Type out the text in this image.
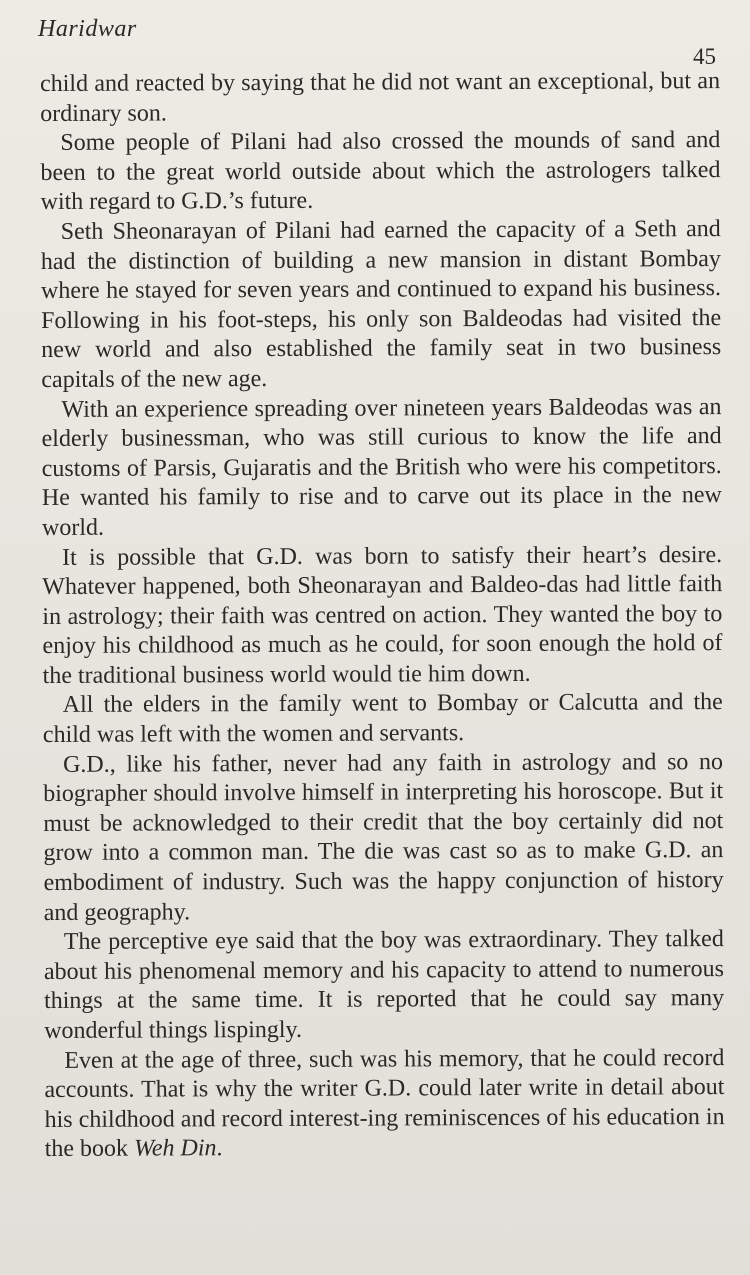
Haridwar
45

child and reacted by saying that he did not want an exceptional, but an ordinary son.

Some people of Pilani had also crossed the mounds of sand and been to the great world outside about which the astrologers talked with regard to G.D.’s future.

Seth Sheonarayan of Pilani had earned the capacity of a Seth and had the distinction of building a new mansion in distant Bombay where he stayed for seven years and continued to expand his business. Following in his foot-steps, his only son Baldeodas had visited the new world and also established the family seat in two business capitals of the new age.

With an experience spreading over nineteen years Baldeodas was an elderly businessman, who was still curious to know the life and customs of Parsis, Gujaratis and the British who were his competitors. He wanted his family to rise and to carve out its place in the new world.

It is possible that G.D. was born to satisfy their heart’s desire. Whatever happened, both Sheonarayan and Baldeo-das had little faith in astrology; their faith was centred on action. They wanted the boy to enjoy his childhood as much as he could, for soon enough the hold of the traditional business world would tie him down.

All the elders in the family went to Bombay or Calcutta and the child was left with the women and servants.

G.D., like his father, never had any faith in astrology and so no biographer should involve himself in interpreting his horoscope. But it must be acknowledged to their credit that the boy certainly did not grow into a common man. The die was cast so as to make G.D. an embodiment of industry. Such was the happy conjunction of history and geography.

The perceptive eye said that the boy was extraordinary. They talked about his phenomenal memory and his capacity to attend to numerous things at the same time. It is reported that he could say many wonderful things lispingly.

Even at the age of three, such was his memory, that he could record accounts. That is why the writer G.D. could later write in detail about his childhood and record interest-ing reminiscences of his education in the book Weh Din.
